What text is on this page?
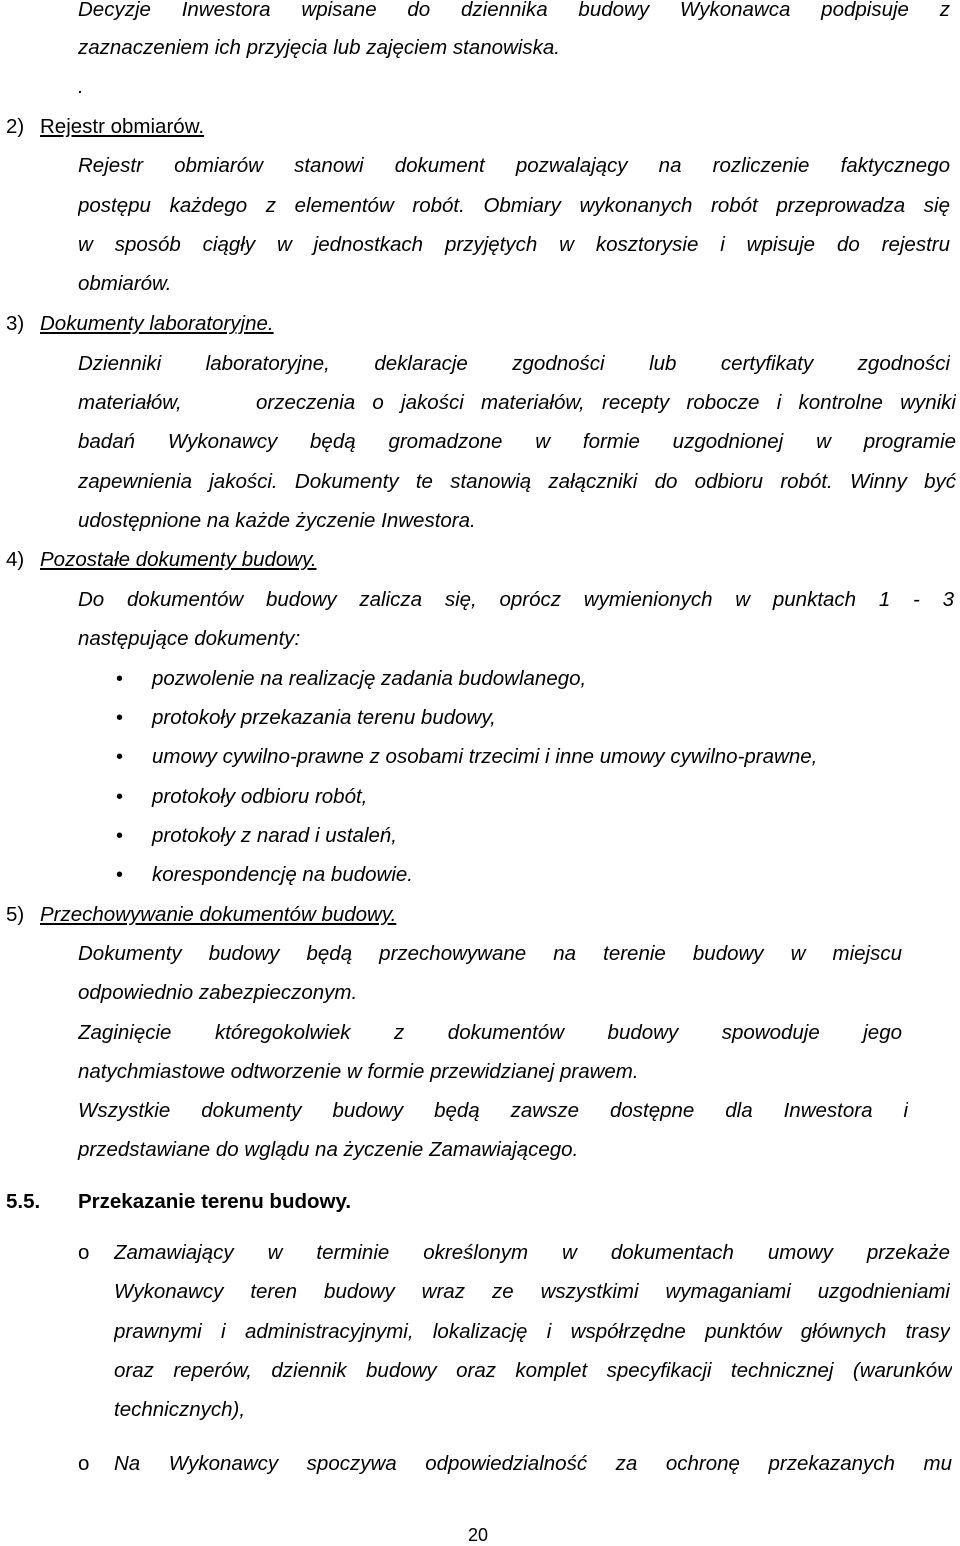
Decyzje Inwestora wpisane do dziennika budowy Wykonawca podpisuje z
zaznaczeniem ich przyjęcia lub zajęciem stanowiska.
.
2) Rejestr obmiarów.
Rejestr obmiarów stanowi dokument pozwalający na rozliczenie faktycznego
postępu każdego z elementów robót. Obmiary wykonanych robót przeprowadza się
w sposób ciągły w jednostkach przyjętych w kosztorysie i wpisuje do rejestru
obmiarów.
3) Dokumenty laboratoryjne.
Dzienniki laboratoryjne, deklaracje zgodności lub certyfikaty zgodności
materiałów,	orzeczenia o jakości materiałów, recepty robocze i kontrolne wyniki
badań Wykonawcy będą gromadzone w formie uzgodnionej w programie
zapewnienia jakości. Dokumenty te stanowią załączniki do odbioru robót. Winny być
udostępnione na każde życzenie Inwestora.
4) Pozostałe dokumenty budowy.
Do dokumentów budowy zalicza się, oprócz wymienionych w punktach 1 - 3
następujące dokumenty:
• pozwolenie na realizację zadania budowlanego,
• protokoły przekazania terenu budowy,
• umowy cywilno-prawne z osobami trzecimi i inne umowy cywilno-prawne,
• protokoły odbioru robót,
• protokoły z narad i ustaleń,
• korespondencję na budowie.
5) Przechowywanie dokumentów budowy.
Dokumenty budowy będą przechowywane na terenie budowy w miejscu
odpowiednio zabezpieczonym.
Zaginięcie któregokolwiek z dokumentów budowy spowoduje jego
natychmiastowe odtworzenie w formie przewidzianej prawem.
Wszystkie dokumenty budowy będą zawsze dostępne dla Inwestora i
przedstawiane do wglądu na życzenie Zamawiającego.
5.5. Przekazanie terenu budowy.
o Zamawiający w terminie określonym w dokumentach umowy przekaże
Wykonawcy teren budowy wraz ze wszystkimi wymaganiami uzgodnieniami
prawnymi i administracyjnymi, lokalizację i współrzędne punktów głównych trasy
oraz reperów, dziennik budowy oraz komplet specyfikacji technicznej (warunków
technicznych),
o Na Wykonawcy spoczywa odpowiedzialność za ochronę przekazanych mu
20
